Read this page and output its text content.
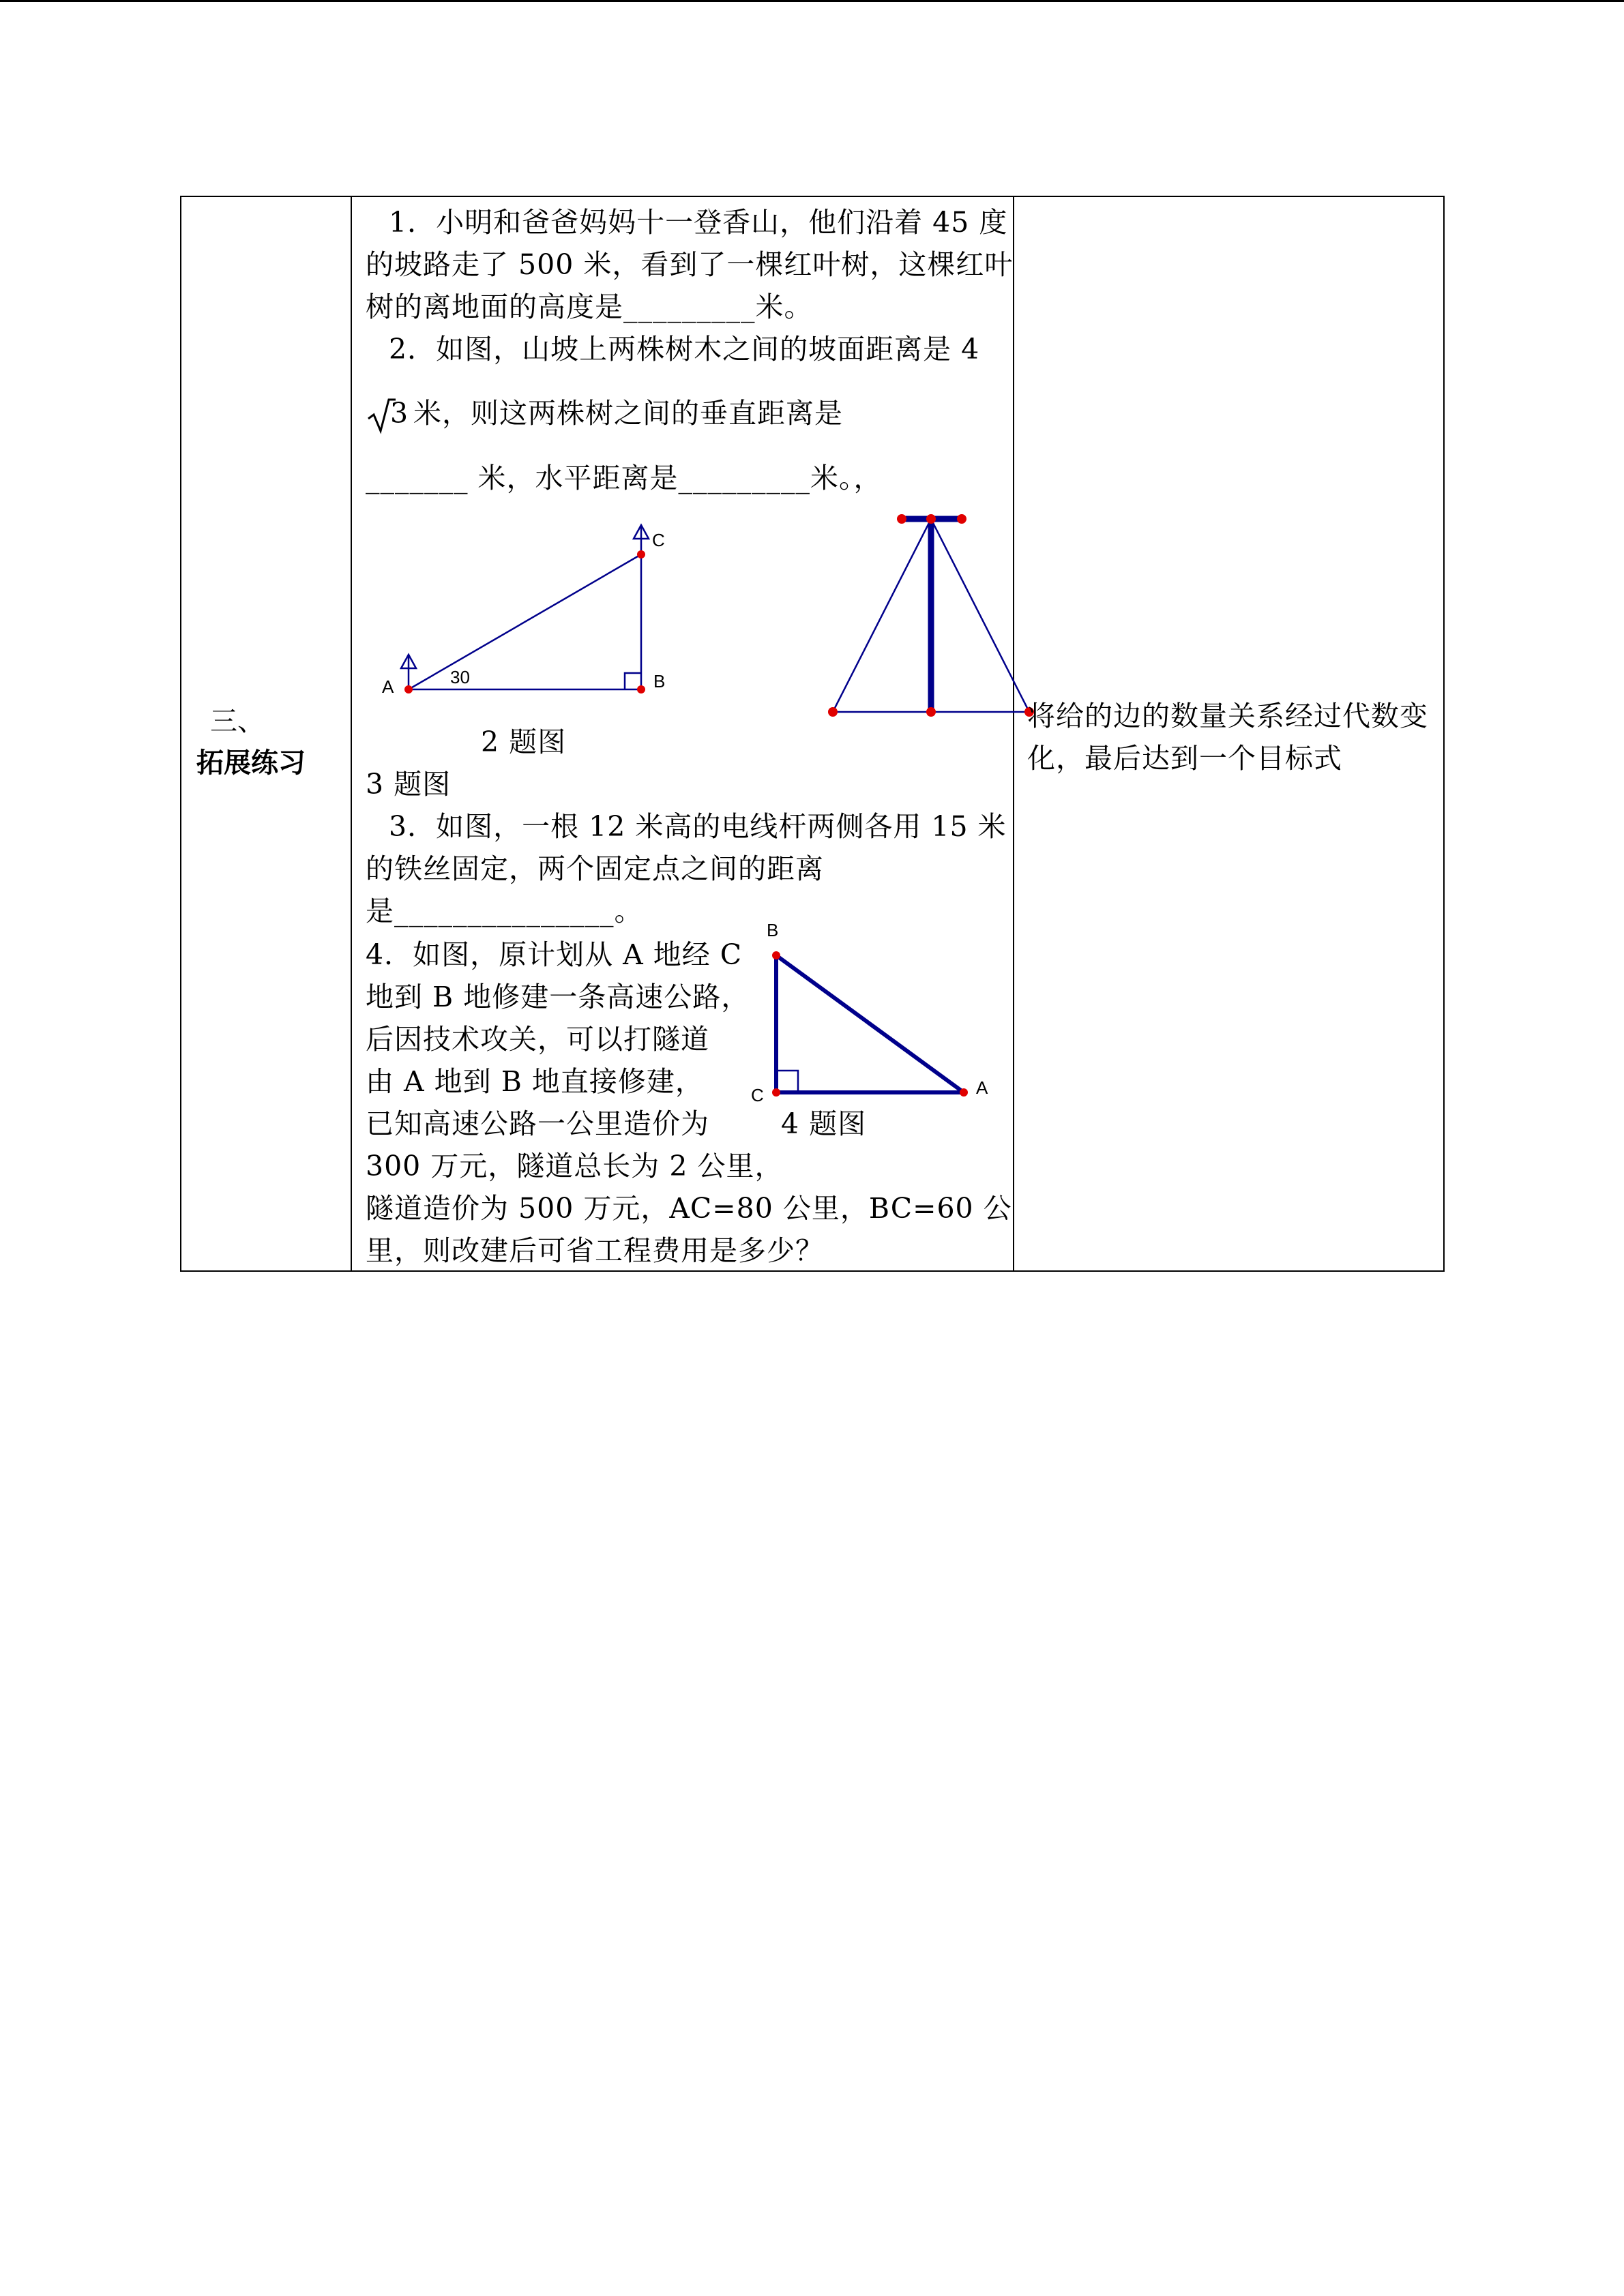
三、
拓展练习
1．小明和爸爸妈妈十一登香山，他们沿着 45 度
的坡路走了 500 米，看到了一棵红叶树，这棵红叶
树的离地面的高度是_________米。
2．如图，山坡上两株树木之间的坡面距离是 4
3 米，则这两株树之间的垂直距离是
_______ 米，水平距离是_________米。，
A	B
C
30
2 题图
3 题图
3．如图，一根 12 米高的电线杆两侧各用 15 米
的铁丝固定，两个固定点之间的距离
是_______________。
4．如图，原计划从 A 地经 C
地到 B 地修建一条高速公路，
后因技术攻关，可以打隧道
由 A 地到 B 地直接修建，
已知高速公路一公里造价为
300 万元，隧道总长为 2 公里，
隧道造价为 500 万元，AC=80 公里，BC=60 公
里，则改建后可省工程费用是多少？
B
C	A
4 题图
将给的边的数量关系经过代数变
化，最后达到一个目标式
